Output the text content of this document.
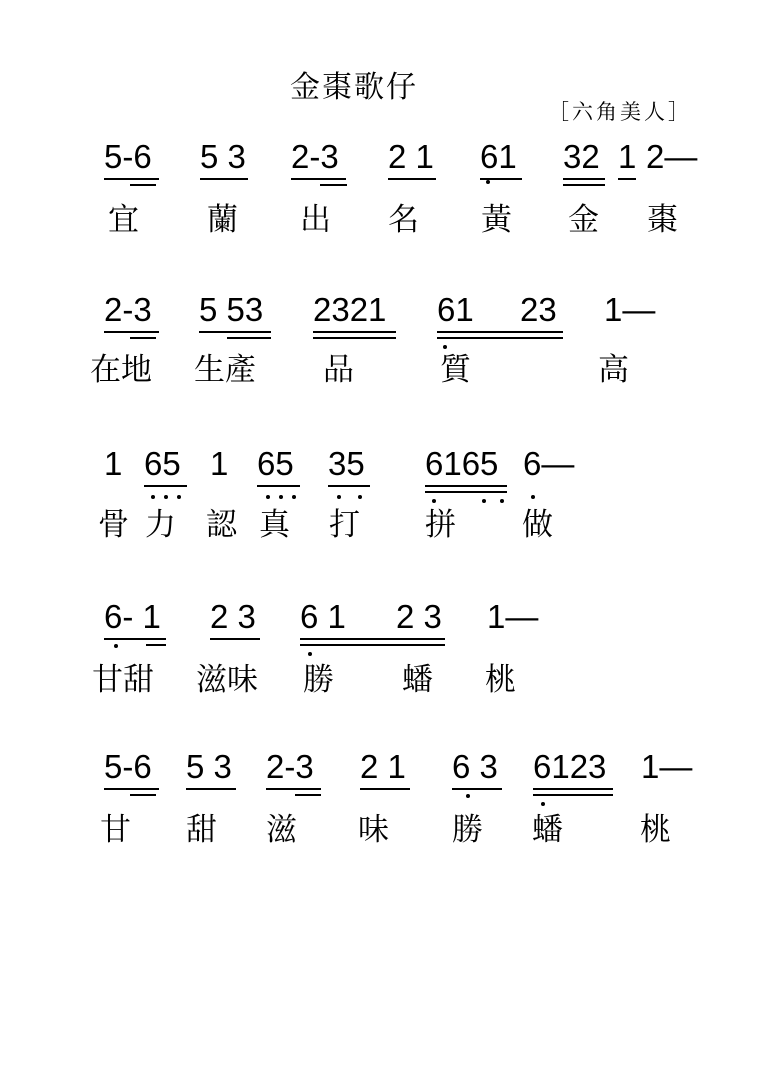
金棗歌仔
［六角美人］
5-6 5 3 2-3 2 1 61 32 1 2—
宜 蘭 出 名 黃 金 棗
2-3 5 53 2321 61 23 1—
在地 生產 品	質	高
1 65 1 65 35 6165 6—
骨 力 認 真 打 拼 做
6- 1 2 3 6 1 2 3 1—
甘甜 滋味 勝 蟠 桃
5-6 5 3 2-3 2 1 6 3 6123 1—
甘 甜 滋 味 勝 蟠 桃
